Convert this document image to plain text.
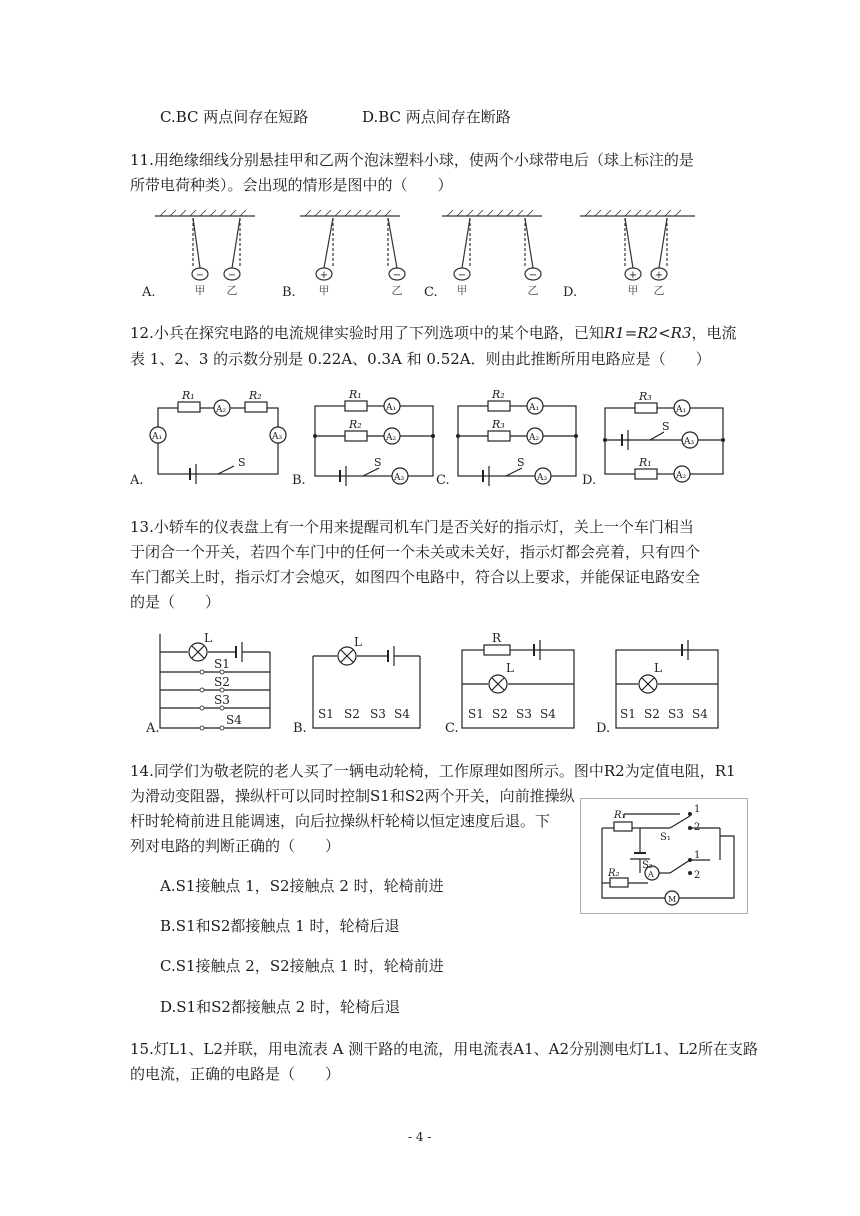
C.BC 两点间存在短路	D.BC 两点间存在断路
11.用绝缘细线分别悬挂甲和乙两个泡沫塑料小球，使两个小球带电后（球上标注的是
所带电荷种类）。会出现的情形是图中的（　　）
− −	+	−	−	−	+ +
甲 乙	甲	乙	甲	乙	甲 乙
A.	B.	C.	D.
12.小兵在探究电路的电流规律实验时用了下列选项中的某个电路，已知R1=R2<R3，电流
表 1、2、3 的示数分别是 0.22A、0.3A 和 0.52A．则由此推断所用电路应是（　　）
R₁	R₂
A₂
A₁	A₃
S
R₁
R₂
A₁
A₂
A₃
S
R₂
R₃
A₁
A₂
A₃
S
R₃
R₁
A₁
A₃
A₂
S
A.	B.	C.	D.
13.小轿车的仪表盘上有一个用来提醒司机车门是否关好的指示灯，关上一个车门相当
于闭合一个开关，若四个车门中的任何一个未关或未关好，指示灯都会亮着，只有四个
车门都关上时，指示灯才会熄灭，如图四个电路中，符合以上要求，并能保证电路安全
的是（　　）
L
S1
S2
S3
S4
L
S1 S2 S3 S4
R
L
S1 S2 S3 S4
L
S1 S2 S3 S4
A.	B.	C.	D.
14.同学们为敬老院的老人买了一辆电动轮椅，工作原理如图所示。图中R2为定值电阻，R1
为滑动变阻器，操纵杆可以同时控制S1和S2两个开关，向前推操纵
杆时轮椅前进且能调速，向后拉操纵杆轮椅以恒定速度后退。下
列对电路的判断正确的（　　）
A.S1接触点 1，S2接触点 2 时，轮椅前进
B.S1和S2都接触点 1 时，轮椅后退
C.S1接触点 2，S2接触点 1 时，轮椅前进
D.S1和S2都接触点 2 时，轮椅后退
R₁
R₂
S₁
S₂
A
M
1
2
1
2
15.灯L1、L2并联，用电流表 A 测干路的电流，用电流表A1、A2分别测电灯L1、L2所在支路
的电流，正确的电路是（　　）
- 4 -
